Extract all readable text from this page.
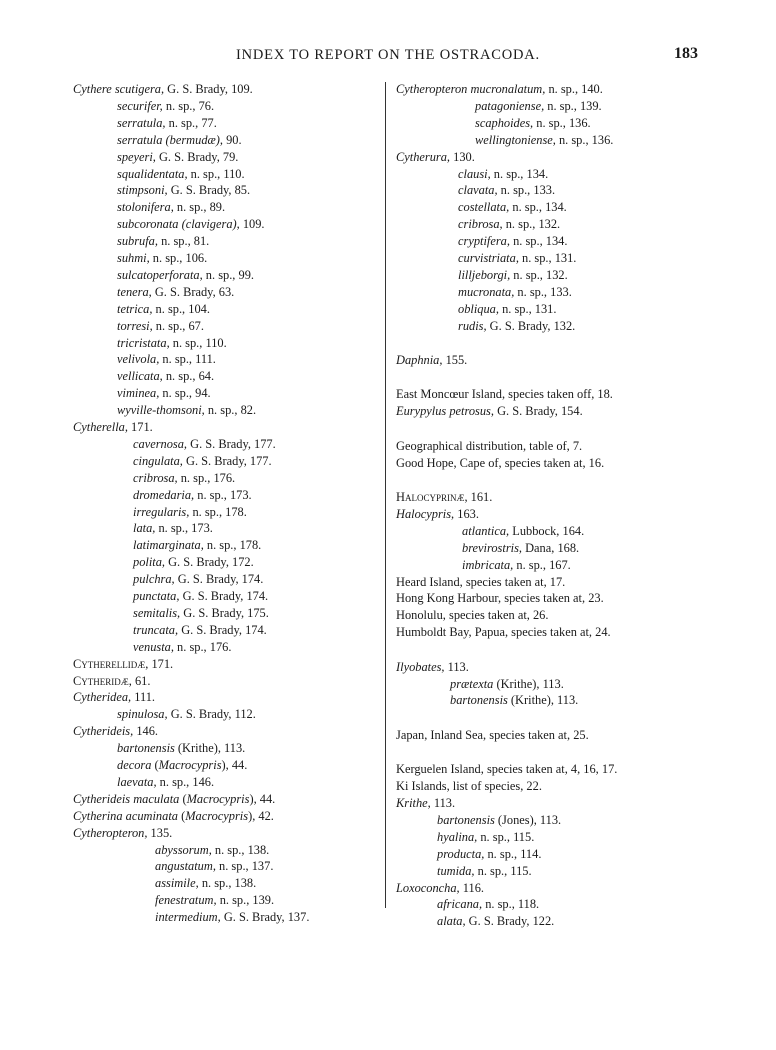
INDEX TO REPORT ON THE OSTRACODA.	183
Cythere scutigera, G. S. Brady, 109.
securifer, n. sp., 76.
serratula, n. sp., 77.
serratula (bermudæ), 90.
speyeri, G. S. Brady, 79.
squalidentata, n. sp., 110.
stimpsoni, G. S. Brady, 85.
stolonifera, n. sp., 89.
subcoronata (clavigera), 109.
subrufa, n. sp., 81.
suhmi, n. sp., 106.
sulcatoperforata, n. sp., 99.
tenera, G. S. Brady, 63.
tetrica, n. sp., 104.
torresi, n. sp., 67.
tricristata, n. sp., 110.
velivola, n. sp., 111.
vellicata, n. sp., 64.
viminea, n. sp., 94.
wyville-thomsoni, n. sp., 82.
Cytherella, 171.
cavernosa, G. S. Brady, 177.
cingulata, G. S. Brady, 177.
cribrosa, n. sp., 176.
dromedaria, n. sp., 173.
irregularis, n. sp., 178.
lata, n. sp., 173.
latimarginata, n. sp., 178.
polita, G. S. Brady, 172.
pulchra, G. S. Brady, 174.
punctata, G. S. Brady, 174.
semitalis, G. S. Brady, 175.
truncata, G. S. Brady, 174.
venusta, n. sp., 176.
Cytherellidæ, 171.
Cytheridæ, 61.
Cytheridea, 111.
spinulosa, G. S. Brady, 112.
Cytherideis, 146.
bartonensis (Krithe), 113.
decora (Macrocypris), 44.
laevata, n. sp., 146.
Cytherideis maculata (Macrocypris), 44.
Cytherina acuminata (Macrocypris), 42.
Cytheropteron, 135.
abyssorum, n. sp., 138.
angustatum, n. sp., 137.
assimile, n. sp., 138.
fenestratum, n. sp., 139.
intermedium, G. S. Brady, 137.
Cytheropteron mucronalatum, n. sp., 140.
patagoniense, n. sp., 139.
scaphoides, n. sp., 136.
wellingtoniense, n. sp., 136.
Cytherura, 130.
clausi, n. sp., 134.
clavata, n. sp., 133.
costellata, n. sp., 134.
cribrosa, n. sp., 132.
cryptifera, n. sp., 134.
curvistriata, n. sp., 131.
lilljeborgi, n. sp., 132.
mucronata, n. sp., 133.
obliqua, n. sp., 131.
rudis, G. S. Brady, 132.
Daphnia, 155.
East Moncœur Island, species taken off, 18.
Eurypylus petrosus, G. S. Brady, 154.
Geographical distribution, table of, 7.
Good Hope, Cape of, species taken at, 16.
Halocyprinæ, 161.
Halocypris, 163.
atlantica, Lubbock, 164.
brevirostris, Dana, 168.
imbricata, n. sp., 167.
Heard Island, species taken at, 17.
Hong Kong Harbour, species taken at, 23.
Honolulu, species taken at, 26.
Humboldt Bay, Papua, species taken at, 24.
Ilyobates, 113.
prætexta (Krithe), 113.
bartonensis (Krithe), 113.
Japan, Inland Sea, species taken at, 25.
Kerguelen Island, species taken at, 4, 16, 17.
Ki Islands, list of species, 22.
Krithe, 113.
bartonensis (Jones), 113.
hyalina, n. sp., 115.
producta, n. sp., 114.
tumida, n. sp., 115.
Loxoconcha, 116.
africana, n. sp., 118.
alata, G. S. Brady, 122.
